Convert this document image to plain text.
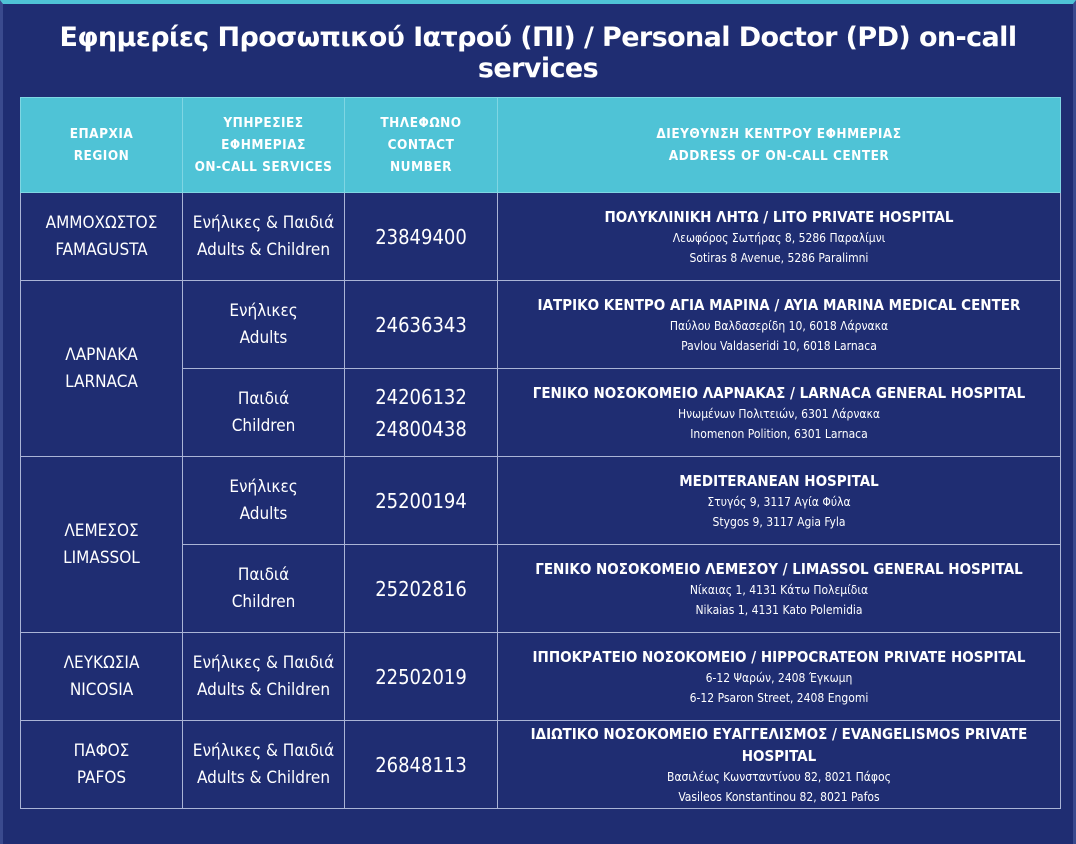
Εφημερίες Προσωπικού Ιατρού (ΠΙ) / Personal Doctor (PD) on-call services
ΕΠΑΡΧΙΑ
REGION	ΥΠΗΡΕΣΙΕΣ
ΕΦΗΜΕΡΙΑΣ
ON-CALL SERVICES	ΤΗΛΕΦΩΝΟ
CONTACT
NUMBER	ΔΙΕΥΘΥΝΣΗ ΚΕΝΤΡΟΥ ΕΦΗΜΕΡΙΑΣ
ADDRESS OF ON-CALL CENTER

ΑΜΜΟΧΩΣΤΟΣ
FAMAGUSTA	Ενήλικες & Παιδιά
Adults & Children	23849400	ΠΟΛΥΚΛΙΝΙΚΗ ΛΗΤΩ / LITO PRIVATE HOSPITAL
Λεωφόρος Σωτήρας 8, 5286 Παραλίμνι
Sotiras 8 Avenue, 5286 Paralimni

ΛΑΡΝΑΚΑ
LARNACA	Ενήλικες
Adults	24636343	ΙΑΤΡΙΚΟ ΚΕΝΤΡΟ ΑΓΙΑ ΜΑΡΙΝΑ / AYIA MARINA MEDICAL CENTER
Παύλου Βαλδασερίδη 10, 6018 Λάρνακα
Pavlou Valdaseridi 10, 6018 Larnaca

	Παιδιά
Children	24206132
24800438	ΓΕΝΙΚΟ ΝΟΣΟΚΟΜΕΙΟ ΛΑΡΝΑΚΑΣ / LARNACA GENERAL HOSPITAL
Ηνωμένων Πολιτειών, 6301 Λάρνακα
Inomenon Polition, 6301 Larnaca

ΛΕΜΕΣΟΣ
LIMASSOL	Ενήλικες
Adults	25200194	MEDITERANEAN HOSPITAL
Στυγός 9, 3117 Αγία Φύλα
Stygos 9, 3117 Agia Fyla

	Παιδιά
Children	25202816	ΓΕΝΙΚΟ ΝΟΣΟΚΟΜΕΙΟ ΛΕΜΕΣΟΥ / LIMASSOL GENERAL HOSPITAL
Νίκαιας 1, 4131 Κάτω Πολεμίδια
Nikaias 1, 4131 Kato Polemidia

ΛΕΥΚΩΣΙΑ
NICOSIA	Ενήλικες & Παιδιά
Adults & Children	22502019	ΙΠΠΟΚΡΑΤΕΙΟ ΝΟΣΟΚΟΜΕΙΟ / HIPPOCRATEON PRIVATE HOSPITAL
6-12 Ψαρών, 2408 Έγκωμη
6-12 Psaron Street, 2408 Engomi

ΠΑΦΟΣ
PAFOS	Ενήλικες & Παιδιά
Adults & Children	26848113	ΙΔΙΩΤΙΚΟ ΝΟΣΟΚΟΜΕΙΟ ΕΥΑΓΓΕΛΙΣΜΟΣ / EVANGELISMOS PRIVATE HOSPITAL
Βασιλέως Κωνσταντίνου 82, 8021 Πάφος
Vasileos Konstantinou 82, 8021 Pafos
